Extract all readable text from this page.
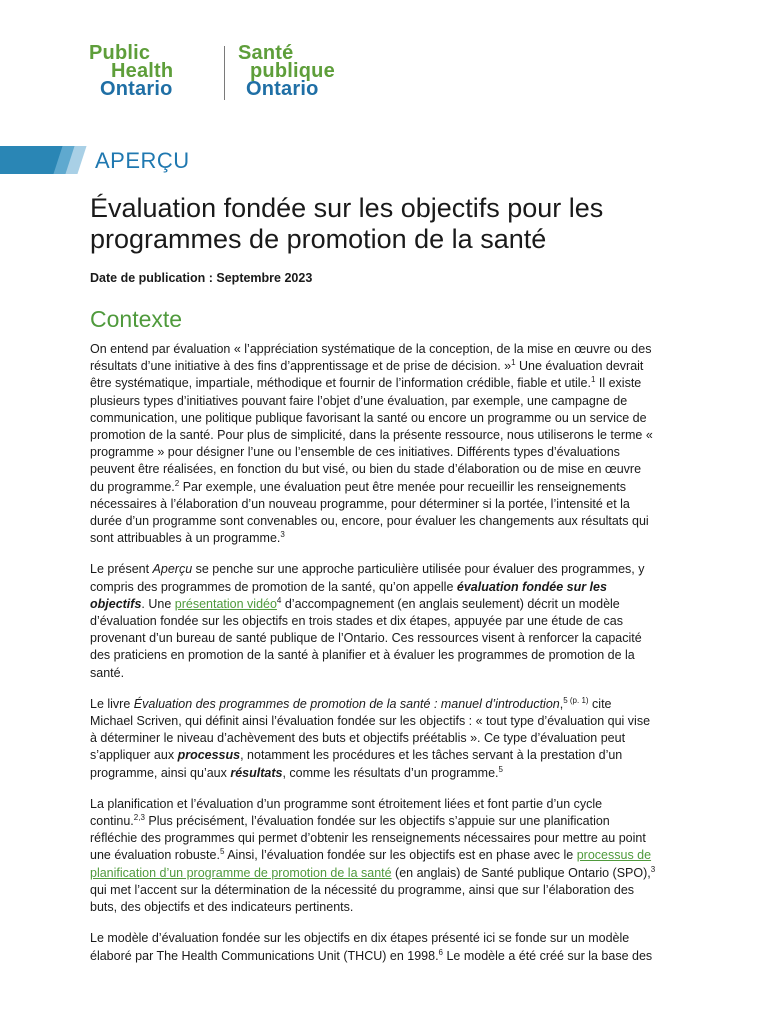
Public
Health
Ontario
Santé
publique
Ontario
APERÇU
Évaluation fondée sur les objectifs pour les programmes de promotion de la santé
Date de publication : Septembre 2023
Contexte

On entend par évaluation « l’appréciation systématique de la conception, de la mise en œuvre ou des résultats d’une initiative à des fins d’apprentissage et de prise de décision. »$^1$ Une évaluation devrait être systématique, impartiale, méthodique et fournir de l’information crédible, fiable et utile.$^1$ Il existe plusieurs types d’initiatives pouvant faire l’objet d’une évaluation, par exemple, une campagne de communication, une politique publique favorisant la santé ou encore un programme ou un service de promotion de la santé. Pour plus de simplicité, dans la présente ressource, nous utiliserons le terme « programme » pour désigner l’une ou l’ensemble de ces initiatives. Différents types d’évaluations peuvent être réalisées, en fonction du but visé, ou bien du stade d’élaboration ou de mise en œuvre du programme.$^2$ Par exemple, une évaluation peut être menée pour recueillir les renseignements nécessaires à l’élaboration d’un nouveau programme, pour déterminer si la portée, l’intensité et la durée d’un programme sont convenables ou, encore, pour évaluer les changements aux résultats qui sont attribuables à un programme.$^3$

Le présent Aperçu se penche sur une approche particulière utilisée pour évaluer des programmes, y compris des programmes de promotion de la santé, qu’on appelle évaluation fondée sur les objectifs. Une présentation vidéo$^4$ d’accompagnement (en anglais seulement) décrit un modèle d’évaluation fondée sur les objectifs en trois stades et dix étapes, appuyée par une étude de cas provenant d’un bureau de santé publique de l’Ontario. Ces ressources visent à renforcer la capacité des praticiens en promotion de la santé à planifier et à évaluer les programmes de promotion de la santé.

Le livre Évaluation des programmes de promotion de la santé : manuel d’introduction,$^{5 (p. 1)}$ cite Michael Scriven, qui définit ainsi l’évaluation fondée sur les objectifs : « tout type d’évaluation qui vise à déterminer le niveau d’achèvement des buts et objectifs préétablis ». Ce type d’évaluation peut s’appliquer aux processus, notamment les procédures et les tâches servant à la prestation d’un programme, ainsi qu’aux résultats, comme les résultats d’un programme.$^5$

La planification et l’évaluation d’un programme sont étroitement liées et font partie d’un cycle continu.$^{2,3}$ Plus précisément, l’évaluation fondée sur les objectifs s’appuie sur une planification réfléchie des programmes qui permet d’obtenir les renseignements nécessaires pour mettre au point une évaluation robuste.$^5$ Ainsi, l’évaluation fondée sur les objectifs est en phase avec le processus de planification d’un programme de promotion de la santé (en anglais) de Santé publique Ontario (SPO),$^3$ qui met l’accent sur la détermination de la nécessité du programme, ainsi que sur l’élaboration des buts, des objectifs et des indicateurs pertinents.

Le modèle d’évaluation fondée sur les objectifs en dix étapes présenté ici se fonde sur un modèle élaboré par The Health Communications Unit (THCU) en 1998.$^6$ Le modèle a été créé sur la base des
